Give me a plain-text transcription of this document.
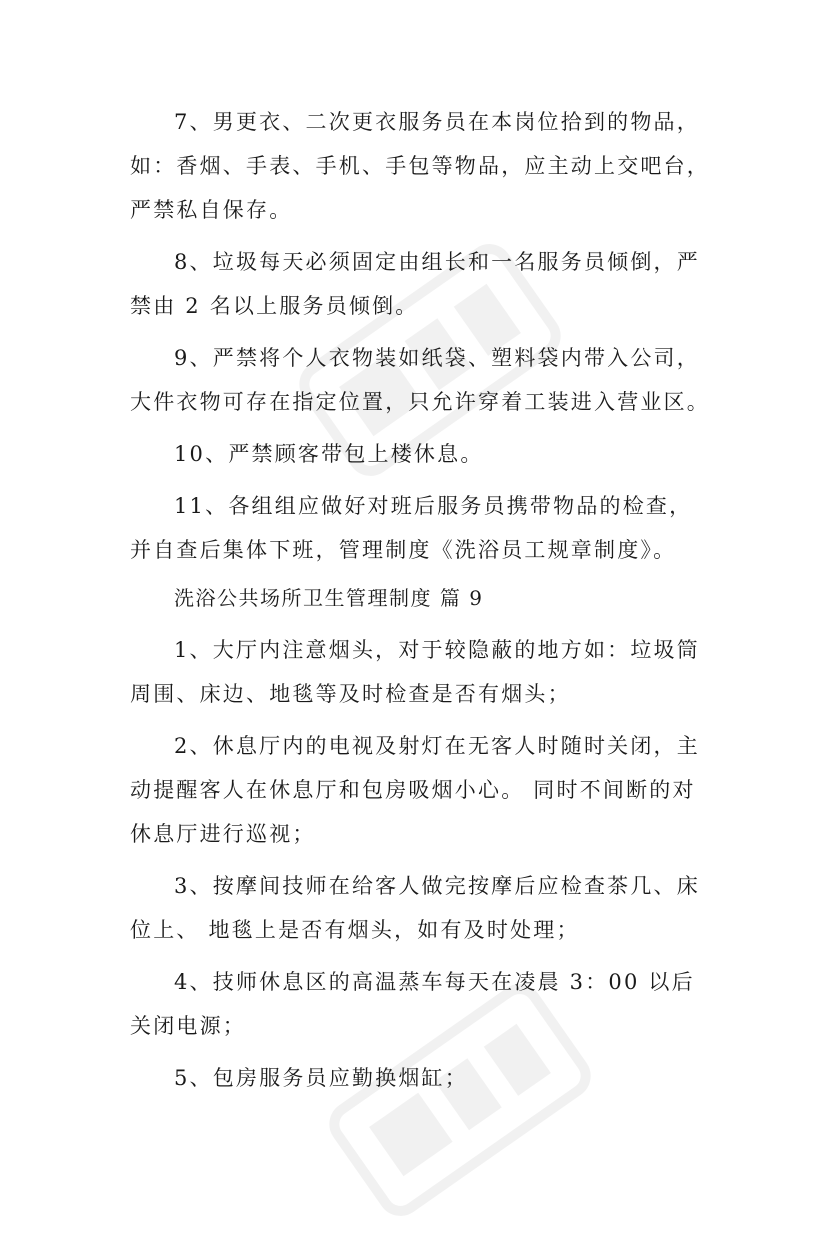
7、男更衣、二次更衣服务员在本岗位拾到的物品，如：香烟、手表、手机、手包等物品，应主动上交吧台，严禁私自保存。

8、垃圾每天必须固定由组长和一名服务员倾倒，严禁由 2 名以上服务员倾倒。

9、严禁将个人衣物装如纸袋、塑料袋内带入公司，大件衣物可存在指定位置，只允许穿着工装进入营业区。

10、严禁顾客带包上楼休息。

11、各组组应做好对班后服务员携带物品的检查，并自查后集体下班，管理制度《洗浴员工规章制度》。

洗浴公共场所卫生管理制度 篇 9

1、大厅内注意烟头，对于较隐蔽的地方如：垃圾筒周围、床边、地毯等及时检查是否有烟头；

2、休息厅内的电视及射灯在无客人时随时关闭，主动提醒客人在休息厅和包房吸烟小心。 同时不间断的对休息厅进行巡视；

3、按摩间技师在给客人做完按摩后应检查茶几、床位上、 地毯上是否有烟头，如有及时处理；

4、技师休息区的高温蒸车每天在凌晨 3：00 以后关闭电源；

5、包房服务员应勤换烟缸；
